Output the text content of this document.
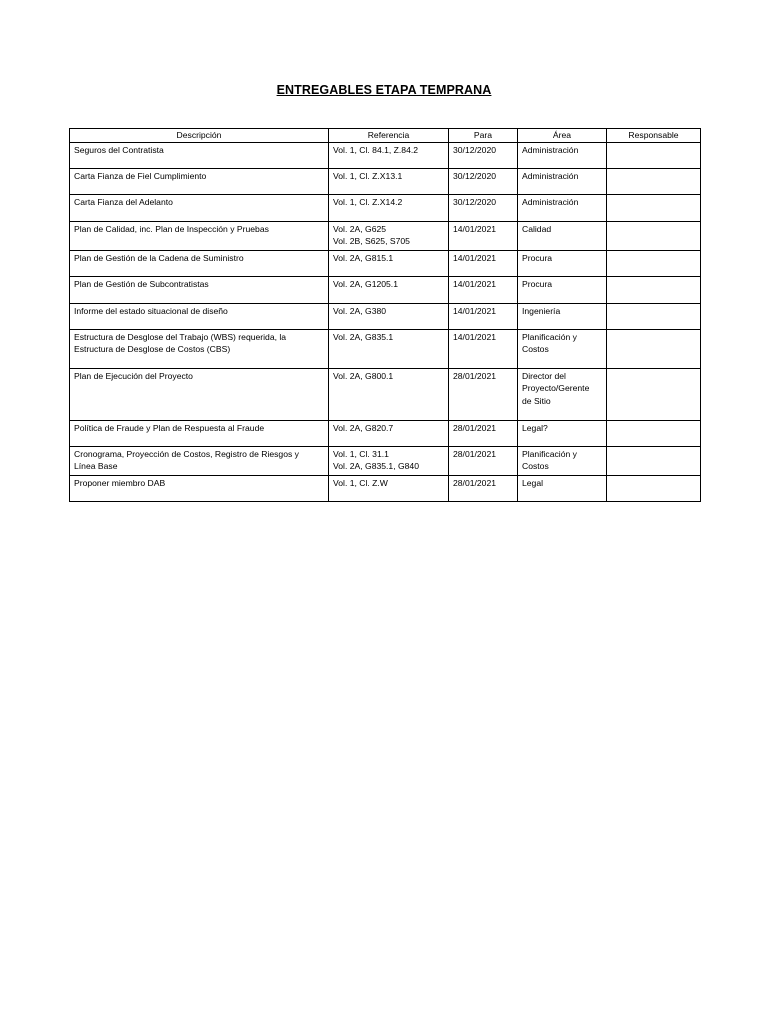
ENTREGABLES ETAPA TEMPRANA
Descripción	Referencia	Para	Área	Responsable

Seguros del Contratista	Vol. 1, Cl. 84.1, Z.84.2	30/12/2020	Administración	

Carta Fianza de Fiel Cumplimiento	Vol. 1, Cl. Z.X13.1	30/12/2020	Administración	

Carta Fianza del Adelanto	Vol. 1, Cl. Z.X14.2	30/12/2020	Administración	

Plan de Calidad, inc. Plan de Inspección y Pruebas	Vol. 2A, G625
Vol. 2B, S625, S705	14/01/2021	Calidad	

Plan de Gestión de la Cadena de Suministro	Vol. 2A, G815.1	14/01/2021	Procura	

Plan de Gestión de Subcontratistas	Vol. 2A, G1205.1	14/01/2021	Procura	

Informe del estado situacional de diseño	Vol. 2A, G380	14/01/2021	Ingeniería	

Estructura de Desglose del Trabajo (WBS) requerida, la
Estructura de Desglose de Costos (CBS)	Vol. 2A, G835.1	14/01/2021	Planificación y
Costos	

Plan de Ejecución del Proyecto	Vol. 2A, G800.1	28/01/2021	Director del
Proyecto/Gerente
de Sitio	

Política de Fraude y Plan de Respuesta al Fraude	Vol. 2A, G820.7	28/01/2021	Legal?	

Cronograma, Proyección de Costos, Registro de Riesgos y
Línea Base	Vol. 1, Cl. 31.1
Vol. 2A, G835.1, G840	28/01/2021	Planificación y
Costos	

Proponer miembro DAB	Vol. 1, Cl. Z.W	28/01/2021	Legal	
